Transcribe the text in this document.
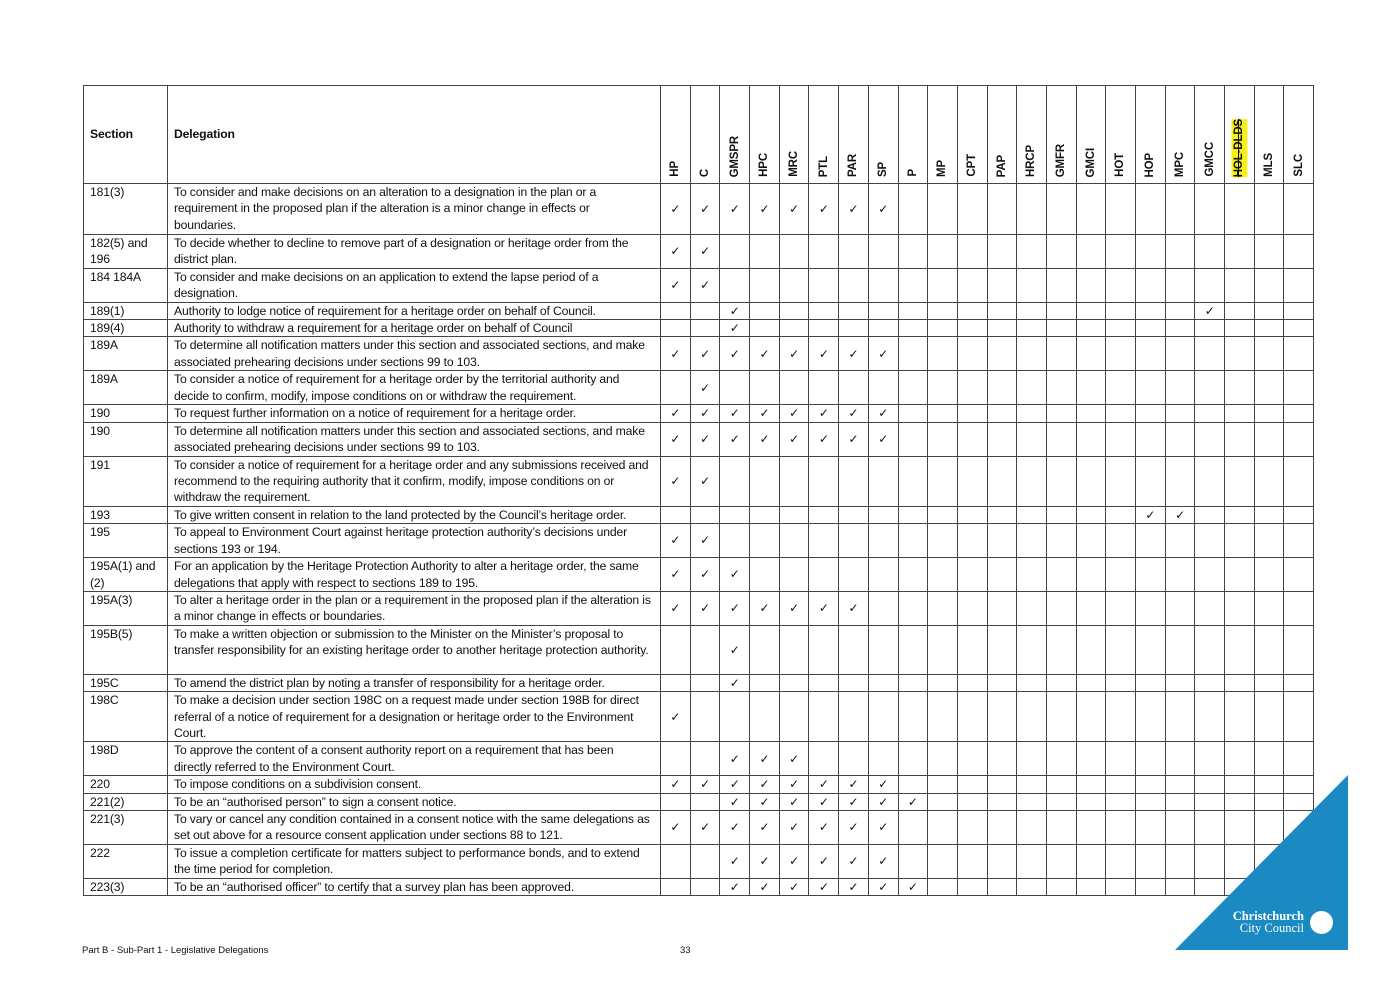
Section	Delegation	HP	C	GMSPR	HPC	MRC	PTL	PAR	SP	P	MP	CPT	PAP	HRCP	GMFR	GMCI	HOT	HOP	MPC	GMCC	HOL-DLDS	MLS	SLC

181(3)	To consider and make decisions on an alteration to a designation in the plan or a requirement in the proposed plan if the alteration is a minor change in effects or boundaries.	✓	✓	✓	✓	✓	✓	✓	✓														
182(5) and 196	To decide whether to decline to remove part of a designation or heritage order from the district plan.	✓	✓																				
184 184A	To consider and make decisions on an application to extend the lapse period of a designation.	✓	✓																				
189(1)	Authority to lodge notice of requirement for a heritage order on behalf of Council.			✓																✓			
189(4)	Authority to withdraw a requirement for a heritage order on behalf of Council			✓																			
189A	To determine all notification matters under this section and associated sections, and make associated prehearing decisions under sections 99 to 103.	✓	✓	✓	✓	✓	✓	✓	✓														
189A	To consider a notice of requirement for a heritage order by the territorial authority and decide to confirm, modify, impose conditions on or withdraw the requirement.		✓																				
190	To request further information on a notice of requirement for a heritage order.	✓	✓	✓	✓	✓	✓	✓	✓														
190	To determine all notification matters under this section and associated sections, and make associated prehearing decisions under sections 99 to 103.	✓	✓	✓	✓	✓	✓	✓	✓														
191	To consider a notice of requirement for a heritage order and any submissions received and recommend to the requiring authority that it confirm, modify, impose conditions on or withdraw the requirement.	✓	✓																				
193	To give written consent in relation to the land protected by the Council’s heritage order.																	✓	✓				
195	To appeal to Environment Court against heritage protection authority’s decisions under sections 193 or 194.	✓	✓																				
195A(1) and (2)	For an application by the Heritage Protection Authority to alter a heritage order, the same delegations that apply with respect to sections 189 to 195.	✓	✓	✓																			
195A(3)	To alter a heritage order in the plan or a requirement in the proposed plan if the alteration is a minor change in effects or boundaries.	✓	✓	✓	✓	✓	✓	✓															
195B(5)	To make a written objection or submission to the Minister on the Minister’s proposal to transfer responsibility for an existing heritage order to another heritage protection authority.			✓																			
195C	To amend the district plan by noting a transfer of responsibility for a heritage order.			✓																			
198C	To make a decision under section 198C on a request made under section 198B for direct referral of a notice of requirement for a designation or heritage order to the Environment Court.	✓																					
198D	To approve the content of a consent authority report on a requirement that has been directly referred to the Environment Court.			✓	✓	✓																	
220	To impose conditions on a subdivision consent.	✓	✓	✓	✓	✓	✓	✓	✓														
221(2)	To be an “authorised person” to sign a consent notice.			✓	✓	✓	✓	✓	✓	✓													
221(3)	To vary or cancel any condition contained in a consent notice with the same delegations as set out above for a resource consent application under sections 88 to 121.	✓	✓	✓	✓	✓	✓	✓	✓														
222	To issue a completion certificate for matters subject to performance bonds, and to extend the time period for completion.			✓	✓	✓	✓	✓	✓														
223(3)	To be an “authorised officer” to certify that a survey plan has been approved.			✓	✓	✓	✓	✓	✓	✓													
Part B - Sub-Part 1 - Legislative Delegations	33
Christchurch
City Council
